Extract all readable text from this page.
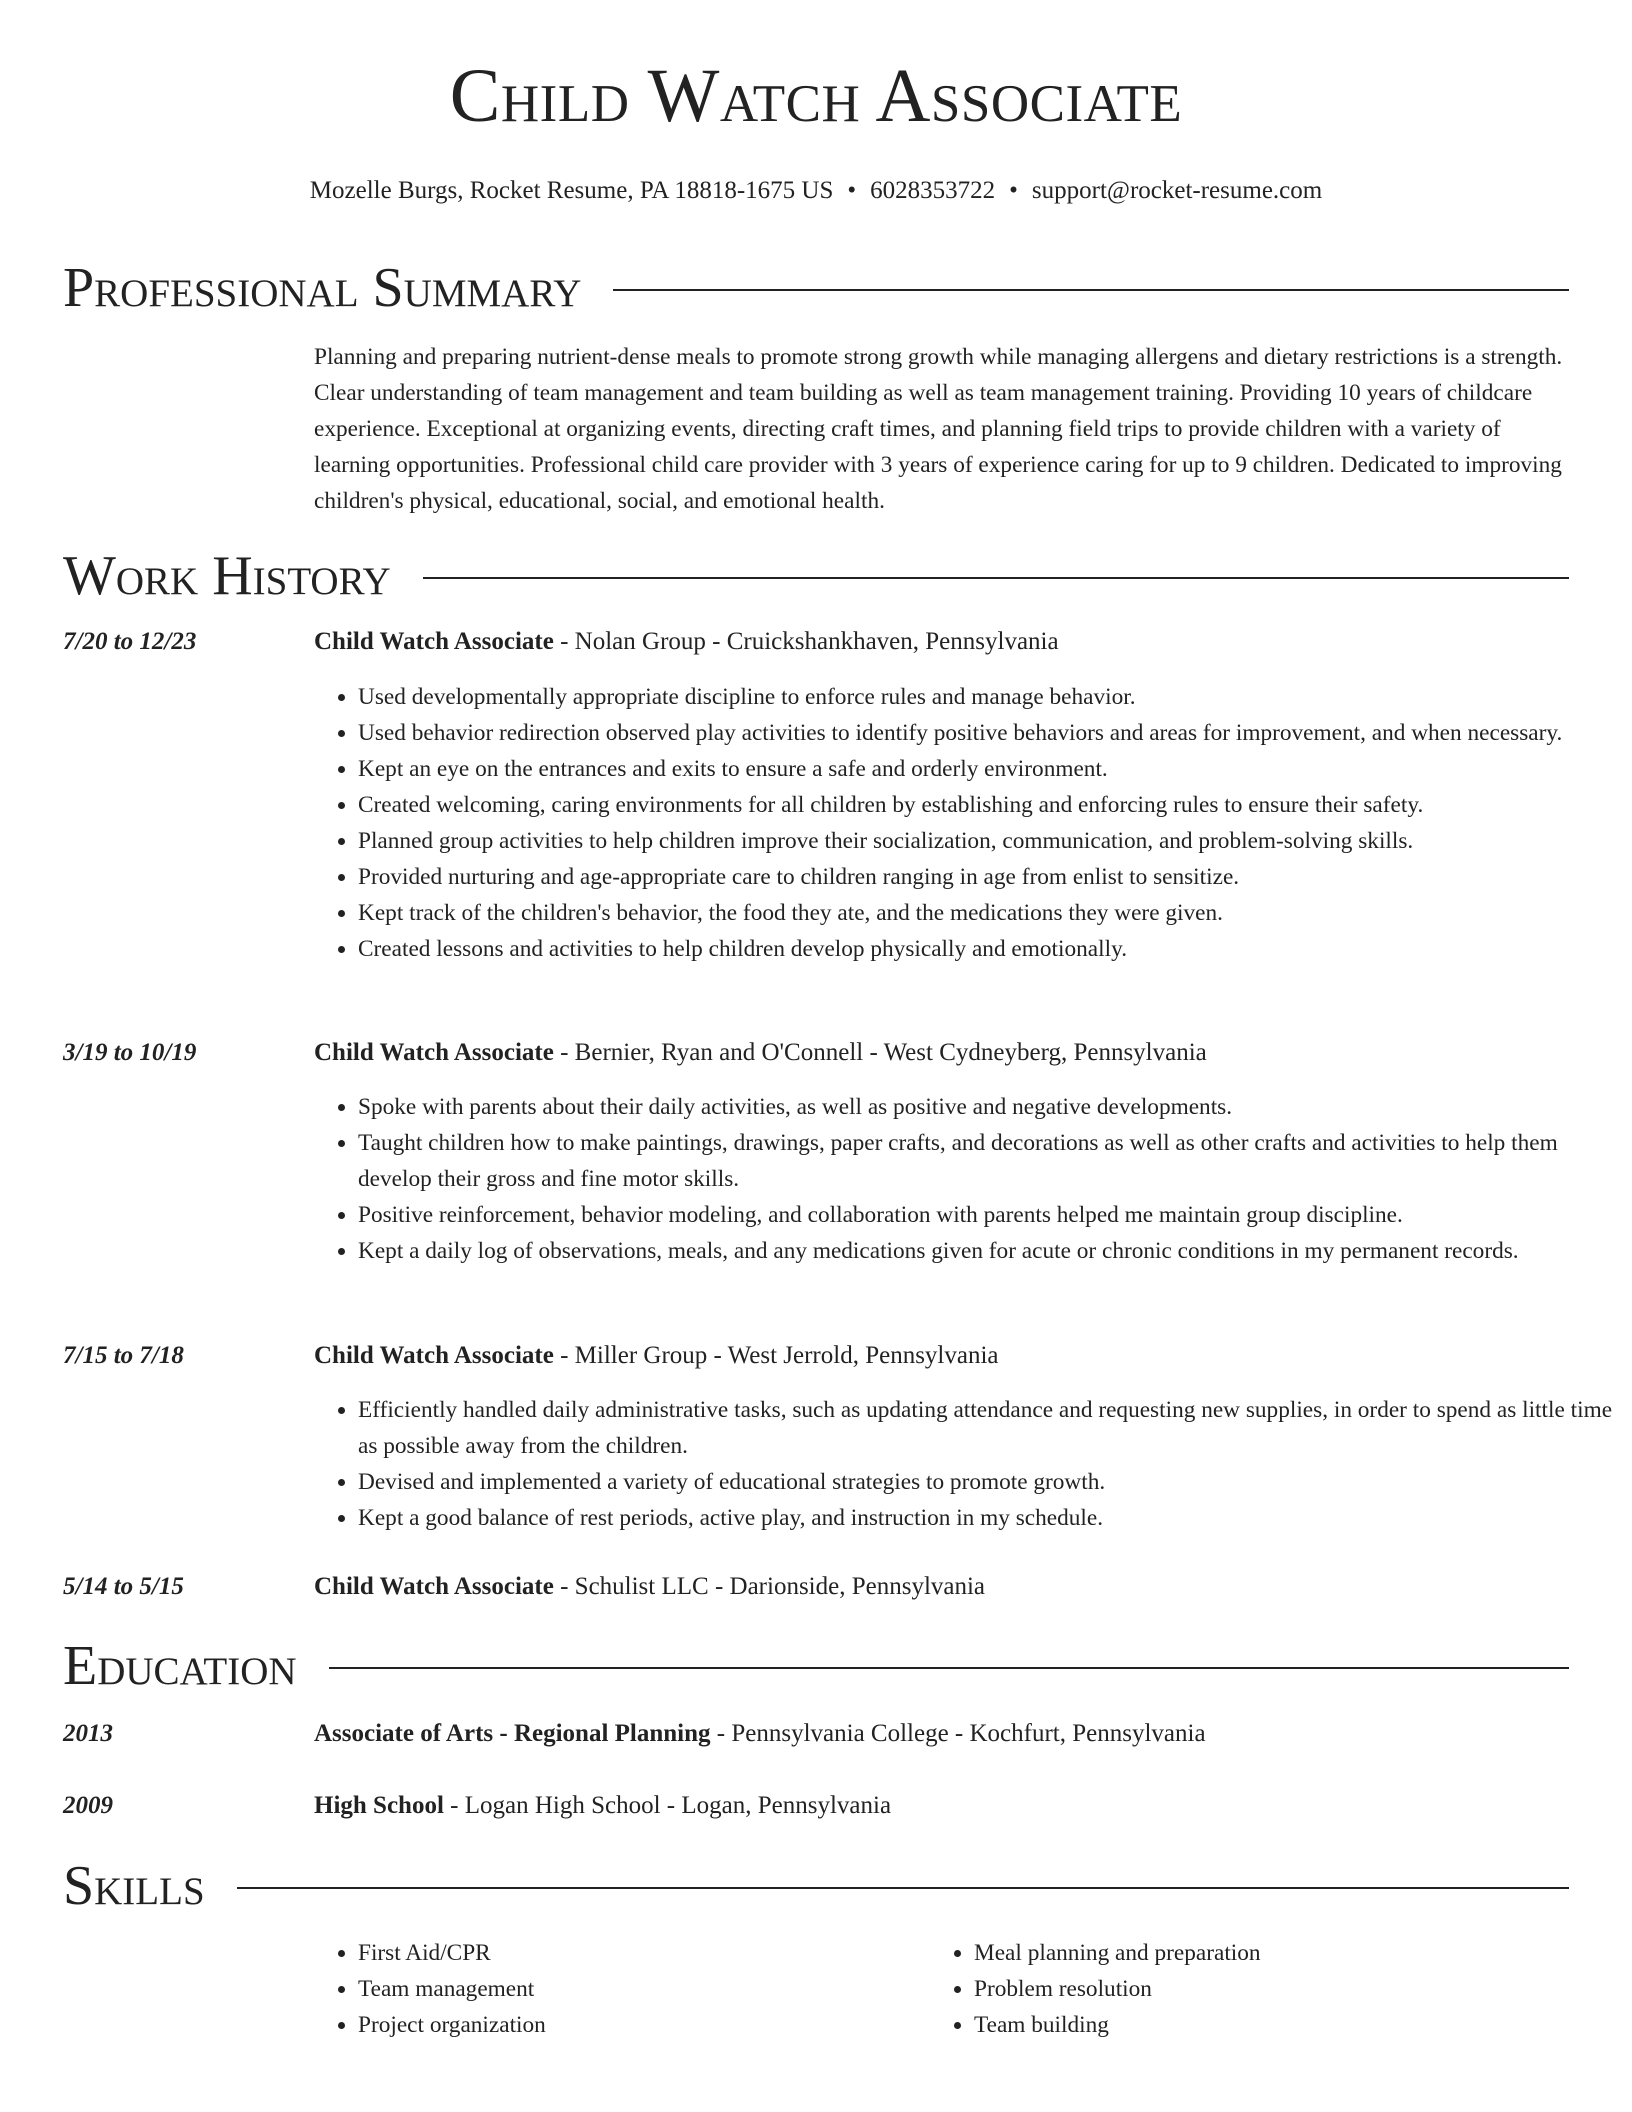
Child Watch Associate
Mozelle Burgs, Rocket Resume, PA 18818-1675 US • 6028353722 • support@rocket-resume.com
Professional Summary

Planning and preparing nutrient-dense meals to promote strong growth while managing allergens and dietary restrictions is a strength. Clear understanding of team management and team building as well as team management training. Providing 10 years of childcare experience. Exceptional at organizing events, directing craft times, and planning field trips to provide children with a variety of learning opportunities. Professional child care provider with 3 years of experience caring for up to 9 children. Dedicated to improving children's physical, educational, social, and emotional health.

Work History
7/20 to 12/23	Child Watch Associate - Nolan Group - Cruickshankhaven, Pennsylvania
• Used developmentally appropriate discipline to enforce rules and manage behavior.
• Used behavior redirection observed play activities to identify positive behaviors and areas for improvement, and when necessary.
• Kept an eye on the entrances and exits to ensure a safe and orderly environment.
• Created welcoming, caring environments for all children by establishing and enforcing rules to ensure their safety.
• Planned group activities to help children improve their socialization, communication, and problem-solving skills.
• Provided nurturing and age-appropriate care to children ranging in age from enlist to sensitize.
• Kept track of the children's behavior, the food they ate, and the medications they were given.
• Created lessons and activities to help children develop physically and emotionally.
3/19 to 10/19	Child Watch Associate - Bernier, Ryan and O'Connell - West Cydneyberg, Pennsylvania
• Spoke with parents about their daily activities, as well as positive and negative developments.
• Taught children how to make paintings, drawings, paper crafts, and decorations as well as other crafts and activities to help them develop their gross and fine motor skills.
• Positive reinforcement, behavior modeling, and collaboration with parents helped me maintain group discipline.
• Kept a daily log of observations, meals, and any medications given for acute or chronic conditions in my permanent records.
7/15 to 7/18	Child Watch Associate - Miller Group - West Jerrold, Pennsylvania
• Efficiently handled daily administrative tasks, such as updating attendance and requesting new supplies, in order to spend as little time as possible away from the children.
• Devised and implemented a variety of educational strategies to promote growth.
• Kept a good balance of rest periods, active play, and instruction in my schedule.
5/14 to 5/15	Child Watch Associate - Schulist LLC - Darionside, Pennsylvania
Education
2013	Associate of Arts - Regional Planning - Pennsylvania College - Kochfurt, Pennsylvania
2009	High School - Logan High School - Logan, Pennsylvania
Skills
• First Aid/CPR
• Team management
• Project organization
• Meal planning and preparation
• Problem resolution
• Team building
